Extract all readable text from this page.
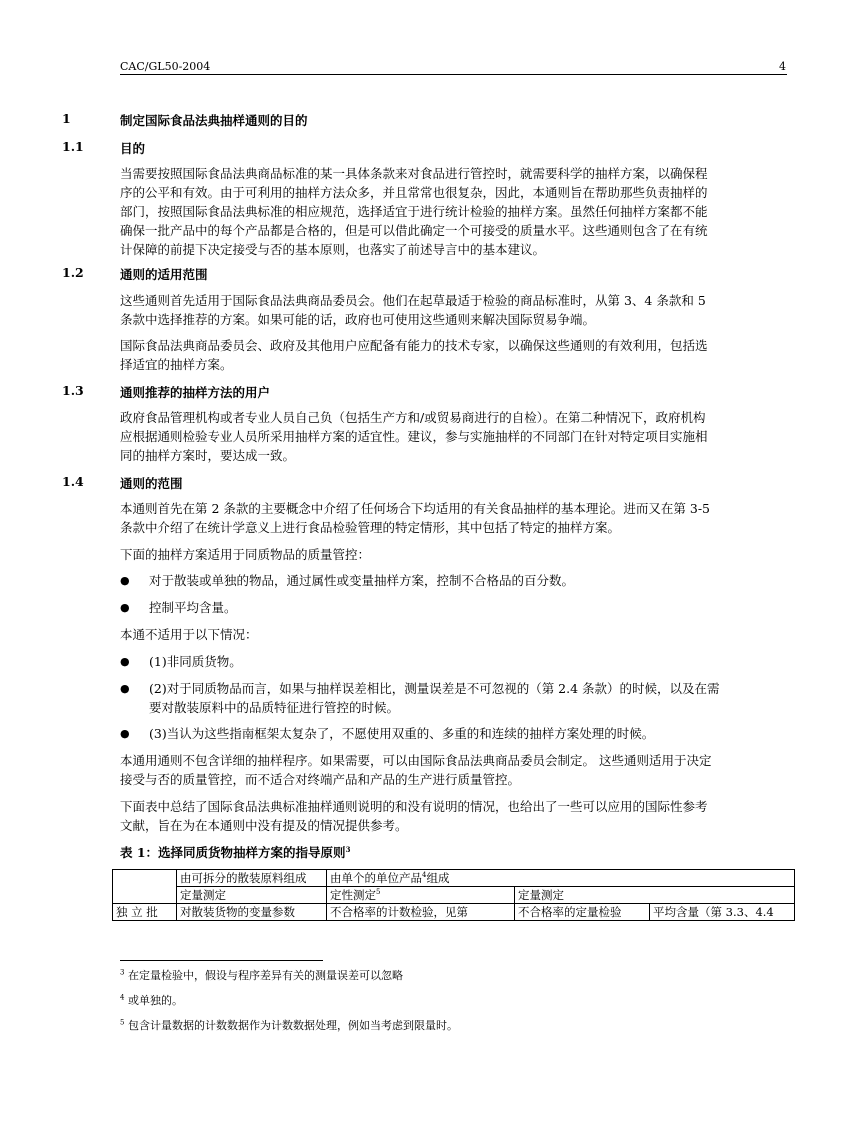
CAC/GL50-2004	4
1	制定国际食品法典抽样通则的目的
1.1	目的
当需要按照国际食品法典商品标准的某一具体条款来对食品进行管控时，就需要科学的抽样方案，以确保程
序的公平和有效。由于可利用的抽样方法众多，并且常常也很复杂，因此，本通则旨在帮助那些负责抽样的
部门，按照国际食品法典标准的相应规范，选择适宜于进行统计检验的抽样方案。虽然任何抽样方案都不能
确保一批产品中的每个产品都是合格的，但是可以借此确定一个可接受的质量水平。这些通则包含了在有统
计保障的前提下决定接受与否的基本原则，也落实了前述导言中的基本建议。
1.2	通则的适用范围
这些通则首先适用于国际食品法典商品委员会。他们在起草最适于检验的商品标准时，从第 3、4 条款和 5
条款中选择推荐的方案。如果可能的话，政府也可使用这些通则来解决国际贸易争端。
国际食品法典商品委员会、政府及其他用户应配备有能力的技术专家，以确保这些通则的有效利用，包括选
择适宜的抽样方案。
1.3	通则推荐的抽样方法的用户
政府食品管理机构或者专业人员自己负（包括生产方和/或贸易商进行的自检）。在第二种情况下，政府机构
应根据通则检验专业人员所采用抽样方案的适宜性。建议，参与实施抽样的不同部门在针对特定项目实施相
同的抽样方案时，要达成一致。
1.4	通则的范围
本通则首先在第 2 条款的主要概念中介绍了任何场合下均适用的有关食品抽样的基本理论。进而又在第 3-5
条款中介绍了在统计学意义上进行食品检验管理的特定情形，其中包括了特定的抽样方案。
下面的抽样方案适用于同质物品的质量管控：
● 对于散装或单独的物品，通过属性或变量抽样方案，控制不合格品的百分数。
● 控制平均含量。
本通不适用于以下情况：
● (1)非同质货物。
● (2)对于同质物品而言，如果与抽样误差相比，测量误差是不可忽视的（第 2.4 条款）的时候，以及在需
要对散装原料中的品质特征进行管控的时候。
● (3)当认为这些指南框架太复杂了，不愿使用双重的、多重的和连续的抽样方案处理的时候。
本通用通则不包含详细的抽样程序。如果需要，可以由国际食品法典商品委员会制定。 这些通则适用于决定
接受与否的质量管控，而不适合对终端产品和产品的生产进行质量管控。
下面表中总结了国际食品法典标准抽样通则说明的和没有说明的情况，也给出了一些可以应用的国际性参考
文献，旨在为在本通则中没有提及的情况提供参考。
表 1：选择同质货物抽样方案的指导原则$^3$
	由可拆分的散装原料组成	由单个的单位产品$^4$组成		
	定量测定	定性测定$^5$	定量测定	
独 立 批	对散装货物的变量参数	不合格率的计数检验，见第	不合格率的定量检验	平均含量（第 3.3、4.4
$^3$ 在定量检验中，假设与程序差异有关的测量误差可以忽略
$^4$ 或单独的。
$^5$ 包含计量数据的计数数据作为计数数据处理，例如当考虑到限量时。
